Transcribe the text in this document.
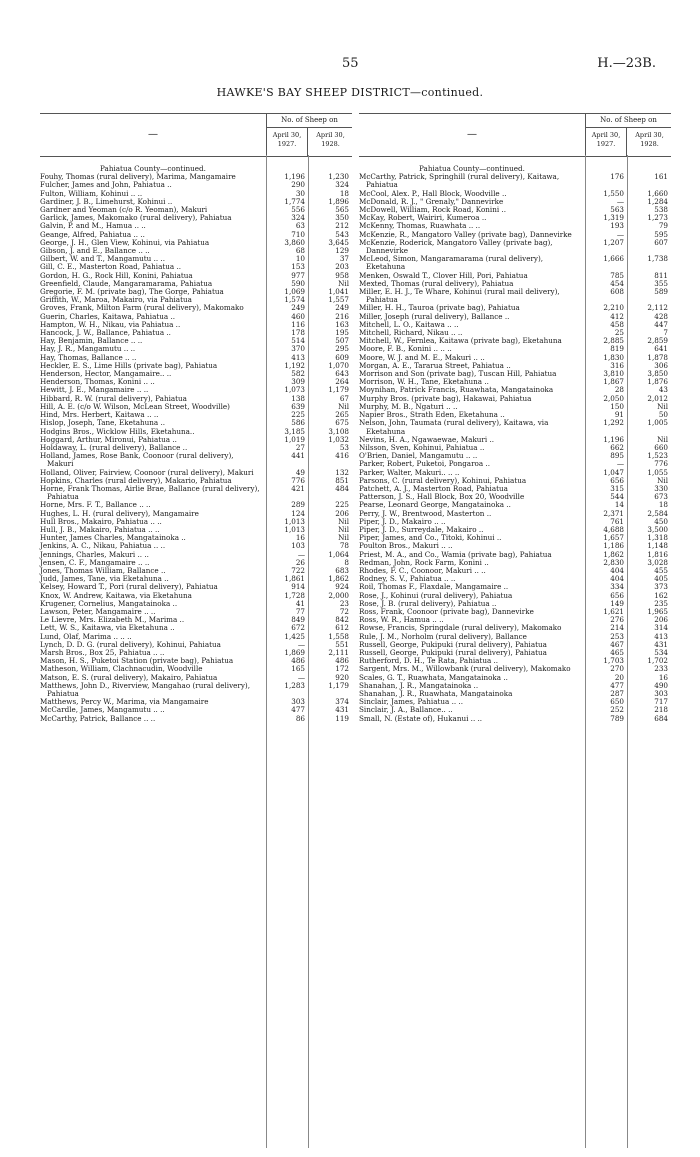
55	H.—23B.
HAWKE'S BAY SHEEP DISTRICT—continued.
—
No. of Sheep on
April 30, 1927.
April 30, 1928.
Pahiatua County—continued.
Fouhy, Thomas (rural delivery), Marima, Mangamaire	1,196	1,230
Fulcher, James and John, Pahiatua ..	290	324
Fulton, William, Kohinui .. ..	30	18
Gardiner, J. B., Limehurst, Kohinui ..	1,774	1,896
Gardner and Yeoman (c/o R. Yeoman), Makuri	556	565
Garlick, James, Makomako (rural delivery), Pahiatua	324	350
Galvin, P. and M., Hamua .. ..	63	212
Geange, Alfred, Pahiatua .. ..	710	543
George, J. H., Glen View, Kohinui, via Pahiatua	3,860	3,645
Gibson, J. and E., Ballance .. ..	68	129
Gilbert, W. and T., Mangamutu .. ..	10	37
Gill, C. E., Masterton Road, Pahiatua ..	153	203
Gordon, H. G., Rock Hill, Konini, Pahiatua	977	958
Greenfield, Claude, Mangaramarama, Pahiatua	590	Nil
Gregorie, F. M. (private bag), The Gorge, Pahiatua	1,069	1,041
Griffith, W., Maroa, Makairo, via Pahiatua	1,574	1,557
Groves, Frank, Milton Farm (rural delivery), Makomako	249	249
Guerin, Charles, Kaitawa, Pahiatua ..	460	216
Hampton, W. H., Nikau, via Pahiatua ..	116	163
Hancock, J. W., Ballance, Pahiatua ..	178	195
Hay, Benjamin, Ballance .. ..	514	507
Hay, J. R., Mangamutu .. ..	370	295
Hay, Thomas, Ballance .. ..	413	609
Heckler, E. S., Lime Hills (private bag), Pahiatua	1,192	1,070
Henderson, Hector, Mangamaire.. ..	582	643
Henderson, Thomas, Konini .. ..	309	264
Hewitt, J. E., Mangamaire .. ..	1,073	1,179
Hibbard, R. W. (rural delivery), Pahiatua	138	67
Hill, A. E. (c/o W. Wilson, McLean Street, Woodville)	639	Nil
Hind, Mrs. Herbert, Kaitawa .. ..	225	265
Hislop, Joseph, Tane, Eketahuna ..	586	675
Hodgins Bros., Wicklow Hills, Eketahuna..	3,185	3,108
Hoggard, Arthur, Mironui, Pahiatua ..	1,019	1,032
Holdaway, L. (rural delivery), Ballance ..	27	53
Holland, James, Rose Bank, Coonoor (rural delivery), Makuri
441	416
Holland, Oliver, Fairview, Coonoor (rural delivery), Makuri	49	132
Hopkins, Charles (rural delivery), Makario, Pahiatua	776	851
Horne, Frank Thomas, Airlie Brae, Ballance (rural delivery), Pahiatua
421	484
Horne, Mrs. F. T., Ballance .. ..	289	225
Hughes, L. H. (rural delivery), Mangamaire	124	206
Hull Bros., Makairo, Pahiatua .. ..	1,013	Nil
Hull, J. B., Makairo, Pahiatua .. ..	1,013	Nil
Hunter, James Charles, Mangatainoka ..	16	Nil
Jenkins, A. C., Nikau, Pahiatua .. ..	103	78
Jennings, Charles, Makuri .. ..	—	1,064
Jensen, C. F., Mangamaire .. ..	26	8
Jones, Thomas William, Ballance ..	722	683
Judd, James, Tane, via Eketahuna ..	1,861	1,862
Kelsey, Howard T., Pori (rural delivery), Pahiatua	914	924
Knox, W. Andrew, Kaitawa, via Eketahuna	1,728	2,000
Krugener, Cornelius, Mangatainoka ..	41	23
Lawson, Peter, Mangamaire .. ..	77	72
Le Lievre, Mrs. Elizabeth M., Marima ..	849	842
Lett, W. S., Kaitawa, via Eketahuna ..	672	612
Lund, Olaf, Marima .. .. ..	1,425	1,558
Lynch, D. D. G. (rural delivery), Kohinui, Pahiatua	—	551
Marsh Bros., Box 25, Pahiatua .. ..	1,869	2,111
Mason, H. S., Puketoi Station (private bag), Pahiatua	486	486
Matheson, William, Clachnacudin, Woodville	165	172
Matson, E. S. (rural delivery), Makairo, Pahiatua	—	920
Matthews, John D., Riverview, Mangahao (rural delivery), Pahiatua
1,283	1,179
Matthews, Percy W., Marima, via Mangamaire	303	374
McCardle, James, Mangamutu .. ..	477	431
McCarthy, Patrick, Ballance .. ..	86	119
—
No. of Sheep on
April 30, 1927.
April 30, 1928.
Pahiatua County—continued.
McCarthy, Patrick, Springhill (rural delivery), Kaitawa, Pahiatua
176	161
McCool, Alex. P., Hall Block, Woodville ..	1,550	1,660
McDonald, R. J., " Grenaly," Dannevirke	—	1,284
McDowell, William, Rock Road, Konini ..	563	538
McKay, Robert, Wairiri, Kumeroa ..	1,319	1,273
McKenny, Thomas, Ruawhata .. ..	193	79
McKenzie, R., Mangatoro Valley (private bag), Dannevirke	—	595
McKenzie, Roderick, Mangatoro Valley (private bag), Dannevirke
1,207	607
McLeod, Simon, Mangaramarama (rural delivery), Eketahuna
1,666	1,738
Menken, Oswald T., Clover Hill, Pori, Pahiatua	785	811
Mexted, Thomas (rural delivery), Pahiatua	454	355
Miller, E. H. J., Te Whare, Kohinui (rural mail delivery), Pahiatua
608	589
Miller, H. H., Tauroa (private bag), Pahiatua	2,210	2,112
Miller, Joseph (rural delivery), Ballance ..	412	428
Mitchell, L. O., Kaitawa .. ..	458	447
Mitchell, Richard, Nikau .. ..	25	7
Mitchell, W., Fernlea, Kaitawa (private bag), Eketahuna	2,885	2,859
Moore, F. B., Konini .. .. ..	819	641
Moore, W. J. and M. E., Makuri .. ..	1,830	1,878
Morgan, A. E., Tararua Street, Pahiatua ..	316	306
Morrison and Son (private bag), Tuscan Hill, Pahiatua	3,810	3,850
Morrison, W. H., Tane, Eketahuna ..	1,867	1,876
Moynihan, Patrick Francis, Ruawhata, Mangatainoka	28	43
Murphy Bros. (private bag), Hakawai, Pahiatua	2,050	2,012
Murphy, M. B., Ngaturi .. ..	150	Nil
Napier Bros., Strath Eden, Eketahuna ..	91	50
Nelson, John, Taumata (rural delivery), Kaitawa, via Eketahuna
1,292	1,005
Nevins, H. A., Ngawaewae, Makuri ..	1,196	Nil
Nilsson, Sven, Kohinui, Pahiatua ..	662	660
O'Brien, Daniel, Mangamutu .. ..	895	1,523
Parker, Robert, Puketoi, Pongaroa ..	—	776
Parker, Walter, Makuri.. .. ..	1,047	1,055
Parsons, C. (rural delivery), Kohinui, Pahiatua	656	Nil
Patchett, A. J., Masterton Road, Pahiatua	315	330
Patterson, J. S., Hall Block, Box 20, Woodville	544	673
Pearse, Leonard George, Mangatainoka ..	14	18
Perry, J. W., Brentwood, Masterton ..	2,371	2,584
Piper, J. D., Makairo .. ..	761	450
Piper, J. D., Surreydale, Makairo ..	4,688	3,500
Piper, James, and Co., Titoki, Kohinui ..	1,657	1,318
Poulton Bros., Makuri .. ..	1,186	1,148
Priest, M. A., and Co., Wamia (private bag), Pahiatua	1,862	1,816
Redman, John, Rock Farm, Konini ..	2,830	3,028
Rhodes, F. C., Coonoor, Makuri .. ..	404	455
Rodney, S. V., Pahiatua .. ..	404	405
Roil, Thomas F., Flaxdale, Mangamaire ..	334	373
Rose, J., Kohinui (rural delivery), Pahiatua	656	162
Rose, J. B. (rural delivery), Pahiatua ..	149	235
Ross, Frank, Coonoor (private bag), Dannevirke	1,621	1,965
Ross, W. R., Hamua .. ..	276	206
Rowse, Francis, Springdale (rural delivery), Makomako	214	314
Rule, J. M., Norholm (rural delivery), Ballance	253	413
Russell, George, Pukipuki (rural delivery), Pahiatua	467	431
Russell, George, Pukipuki (rural delivery), Pahiatua	465	534
Rutherford, D. H., Te Rata, Pahiatua ..	1,703	1,702
Sargent, Mrs. M., Willowbank (rural delivery), Makomako	270	233
Scales, G. T., Ruawhata, Mangatainoka ..	20	16
Shanahan, J. R., Mangatainoka ..	477	490
Shanahan, J. R., Ruawhata, Mangatainoka	287	303
Sinclair, James, Pahiatua .. ..	650	717
Sinclair, J. A., Ballance.. ..	252	218
Small, N. (Estate of), Hukanui .. ..	789	684
